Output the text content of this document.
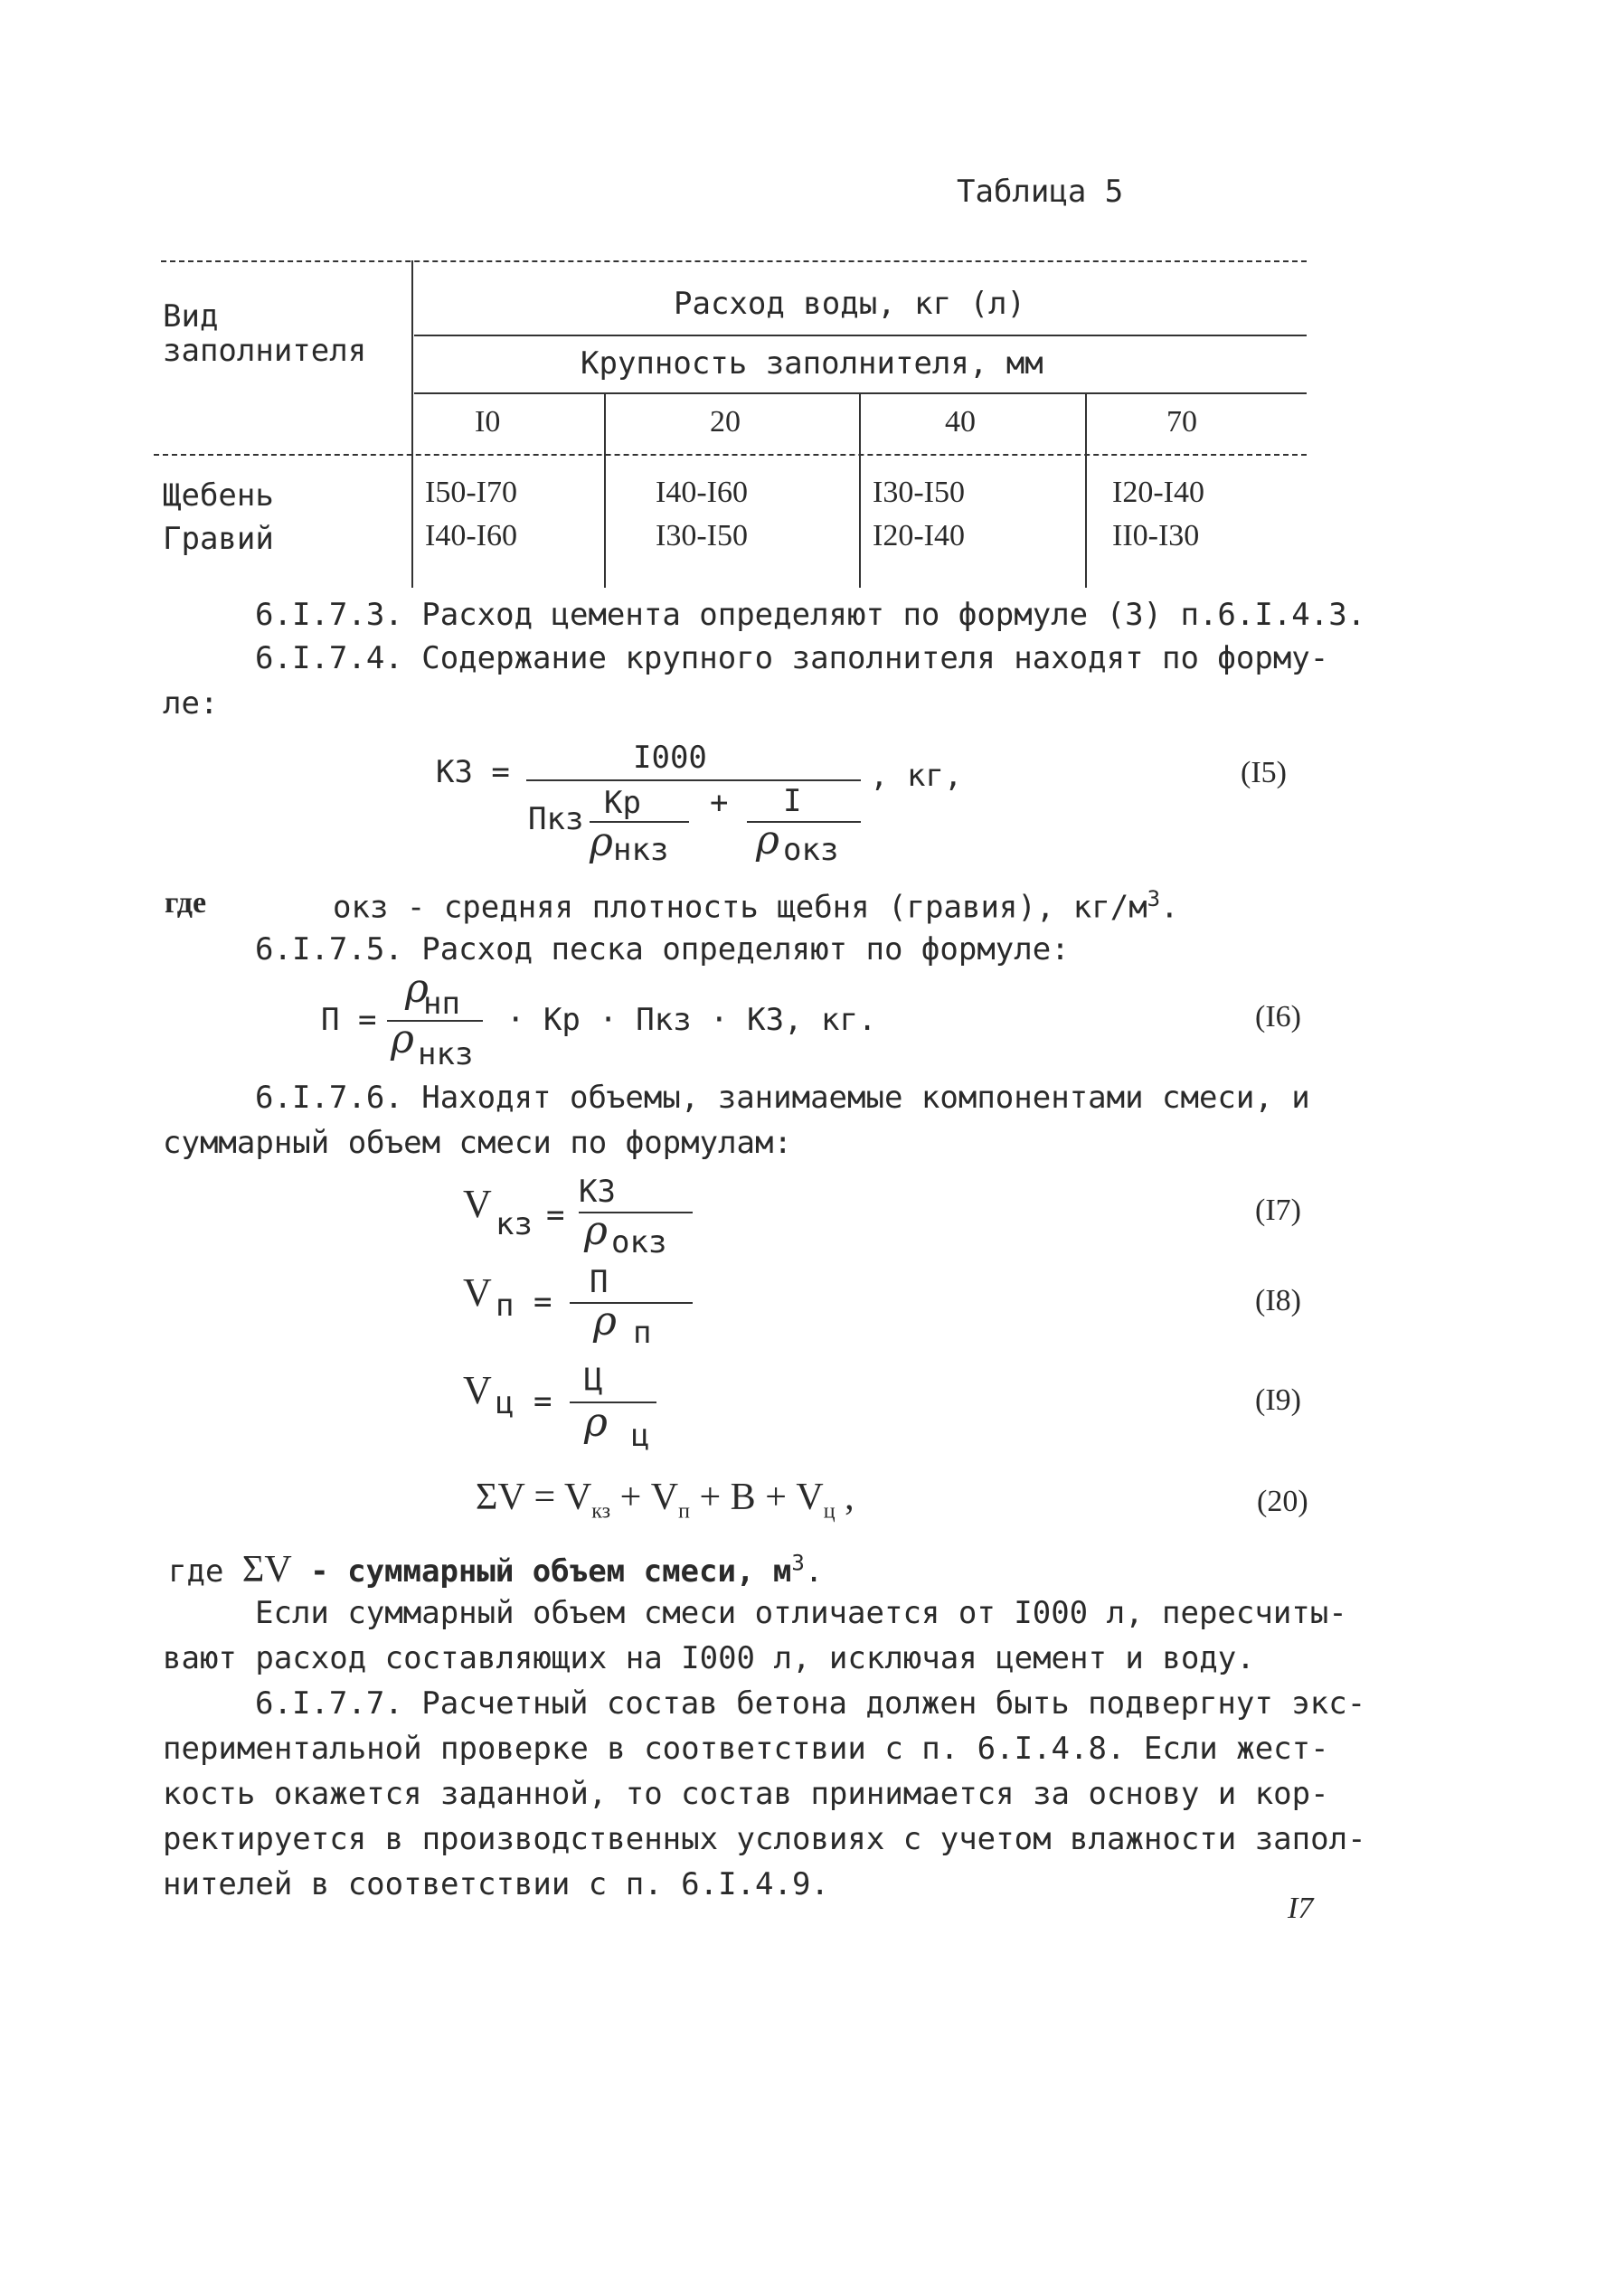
Таблица 5
Вид
заполнителя
Расход воды, кг (л)
Крупность заполнителя, мм
I0	20	40	70
Щебень	I50-I70	I40-I60	I30-I50	I20-I40
Гравий	I40-I60	I30-I50	I20-I40	II0-I30
6.I.7.3. Расход цемента определяют по формуле (3) п.6.I.4.3.
6.I.7.4. Содержание крупного заполнителя находят по форму-
ле:
КЗ =	I000
Пкз Кр
ρ нкз
+ I
ρ окз
, кг,	(I5)
где	окз - средняя плотность щебня (гравия), $кг/м^3$.
6.I.7.5. Расход песка определяют по формуле:
П =
ρ
нп
ρ нкз
· Кр · Пкз · КЗ, кг.	(I6)
6.I.7.6. Находят объемы, занимаемые компонентами смеси, и
суммарный объем смеси по формулам:
V кз =
КЗ
ρ окз
(I7)
V п =
П
ρ п
(I8)
V ц =
Ц
ρ ц
(I9)
$\Sigma V = V_{кз} + V_п + В + V_ц$ ,	(20)
где ΣV - суммарный объем смеси, $м^3$.
Если суммарный объем смеси отличается от I000 л, пересчиты-
вают расход составляющих на I000 л, исключая цемент и воду.
6.I.7.7. Расчетный состав бетона должен быть подвергнут экс-
периментальной проверке в соответствии с п. 6.I.4.8. Если жест-
кость окажется заданной, то состав принимается за основу и кор-
ректируется в производственных условиях с учетом влажности запол-
нителей в соответствии с п. 6.I.4.9.
I7
